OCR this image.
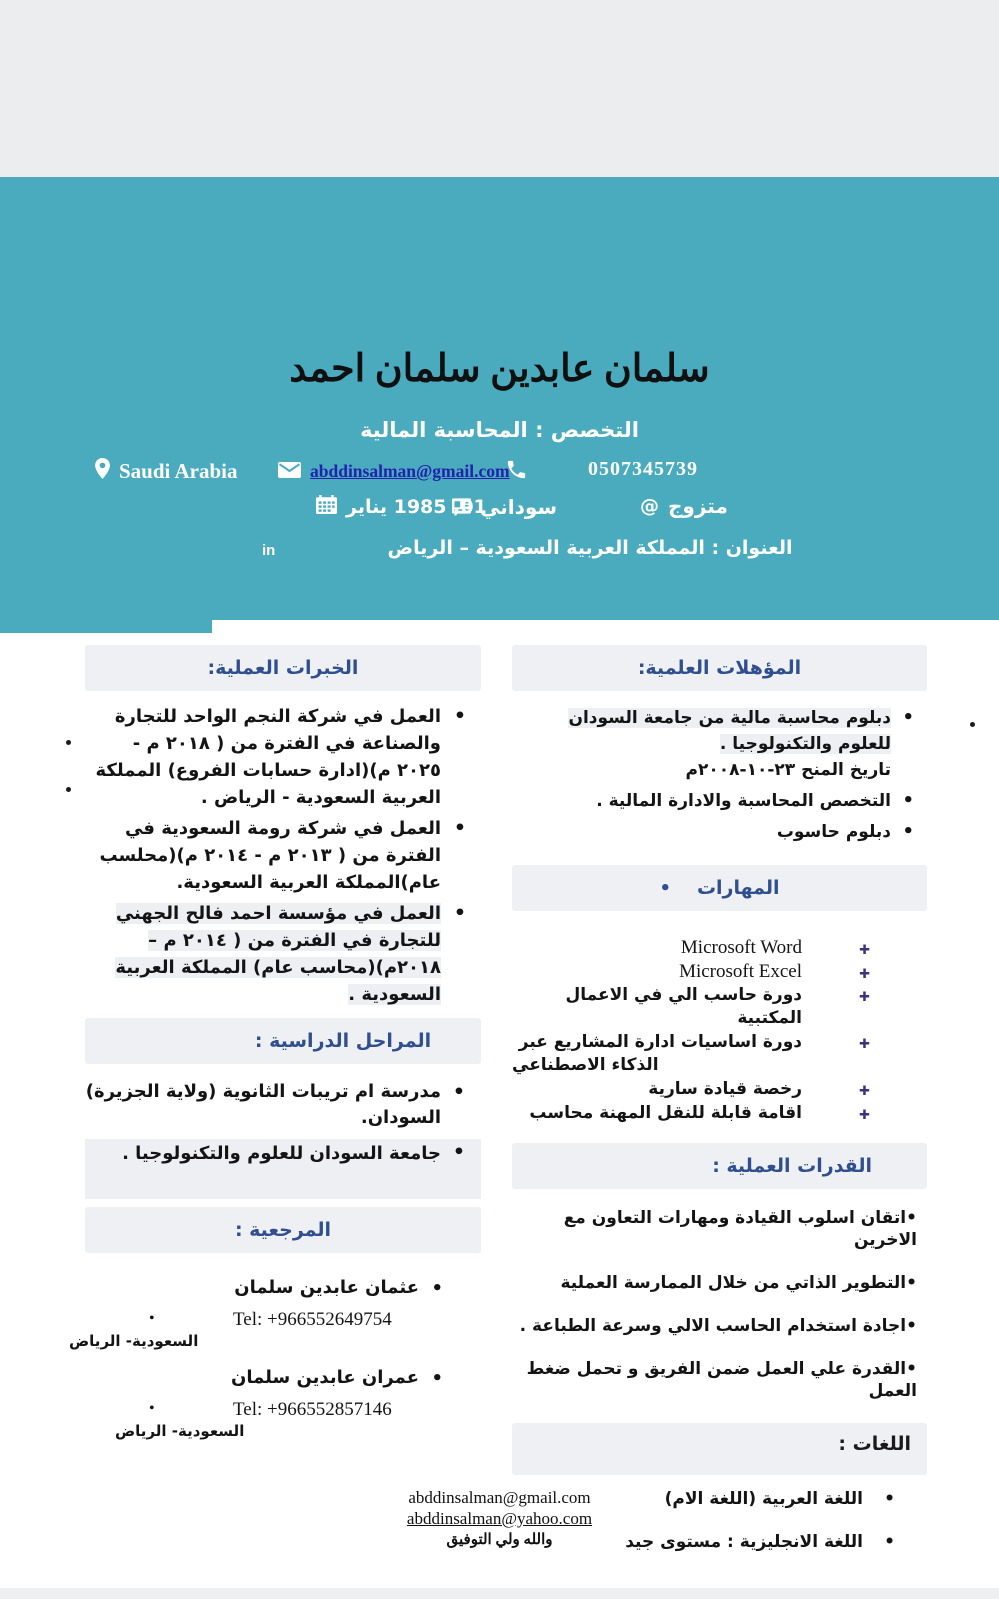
سلمان عابدين سلمان احمد
التخصص : المحاسبة المالية
Saudi Arabia	abddinsalman@gmail.com	0507345739
@ متزوج
سوداني
01, 1985 يناير
العنوان : المملكة العربية السعودية – الرياض
in
الخبرات العملية:
• العمل في شركة النجم الواحد للتجارة والصناعة في الفترة من ( ٢٠١٨ م - ٢٠٢٥ م)(ادارة حسابات الفروع) المملكة العربية السعودية - الرياض .
• العمل في شركة رومة السعودية في الفترة من ( ٢٠١٣ م - ٢٠١٤ م)(محلسب عام)المملكة العربية السعودية.
• العمل في مؤسسة احمد فالح الجهني للتجارة في الفترة من ( ٢٠١٤ م – ٢٠١٨م)(محاسب عام) المملكة العربية السعودية .
المراحل الدراسية :
• مدرسة ام تريبات الثانوية (ولاية الجزيرة) السودان.
• جامعة السودان للعلوم والتكنولوجيا .
المرجعية :
• عثمان عابدين سلمان
• Tel: +966552649754
السعودية- الرياض
• عمران عابدين سلمان
• Tel: +966552857146
السعودية- الرياض
المؤهلات العلمية:
• دبلوم محاسبة مالية من جامعة السودان للعلوم والتكنولوجيا .
تاريخ المنح ٢٣-١٠-٢٠٠٨م
• التخصص المحاسبة والادارة المالية .
• دبلوم حاسوب
• المهارات
✚ Microsoft Word
✚ Microsoft Excel
✚ دورة حاسب الي في الاعمال المكتبية
✚ دورة اساسيات ادارة المشاريع عبر الذكاء الاصطناعي
✚ رخصة قيادة سارية
✚ اقامة قابلة للنقل المهنة محاسب
القدرات العملية :
• اتقان اسلوب القيادة ومهارات التعاون مع الاخرين
• التطوير الذاتي من خلال الممارسة العملية
• اجادة استخدام الحاسب الالي وسرعة الطباعة .
• القدرة علي العمل ضمن الفريق و تحمل ضغط العمل
اللغات :
• اللغة العربية (اللغة الام)
• اللغة الانجليزية : مستوى جيد
abddinsalman@gmail.com
abddinsalman@yahoo.com
والله ولي التوفيق
